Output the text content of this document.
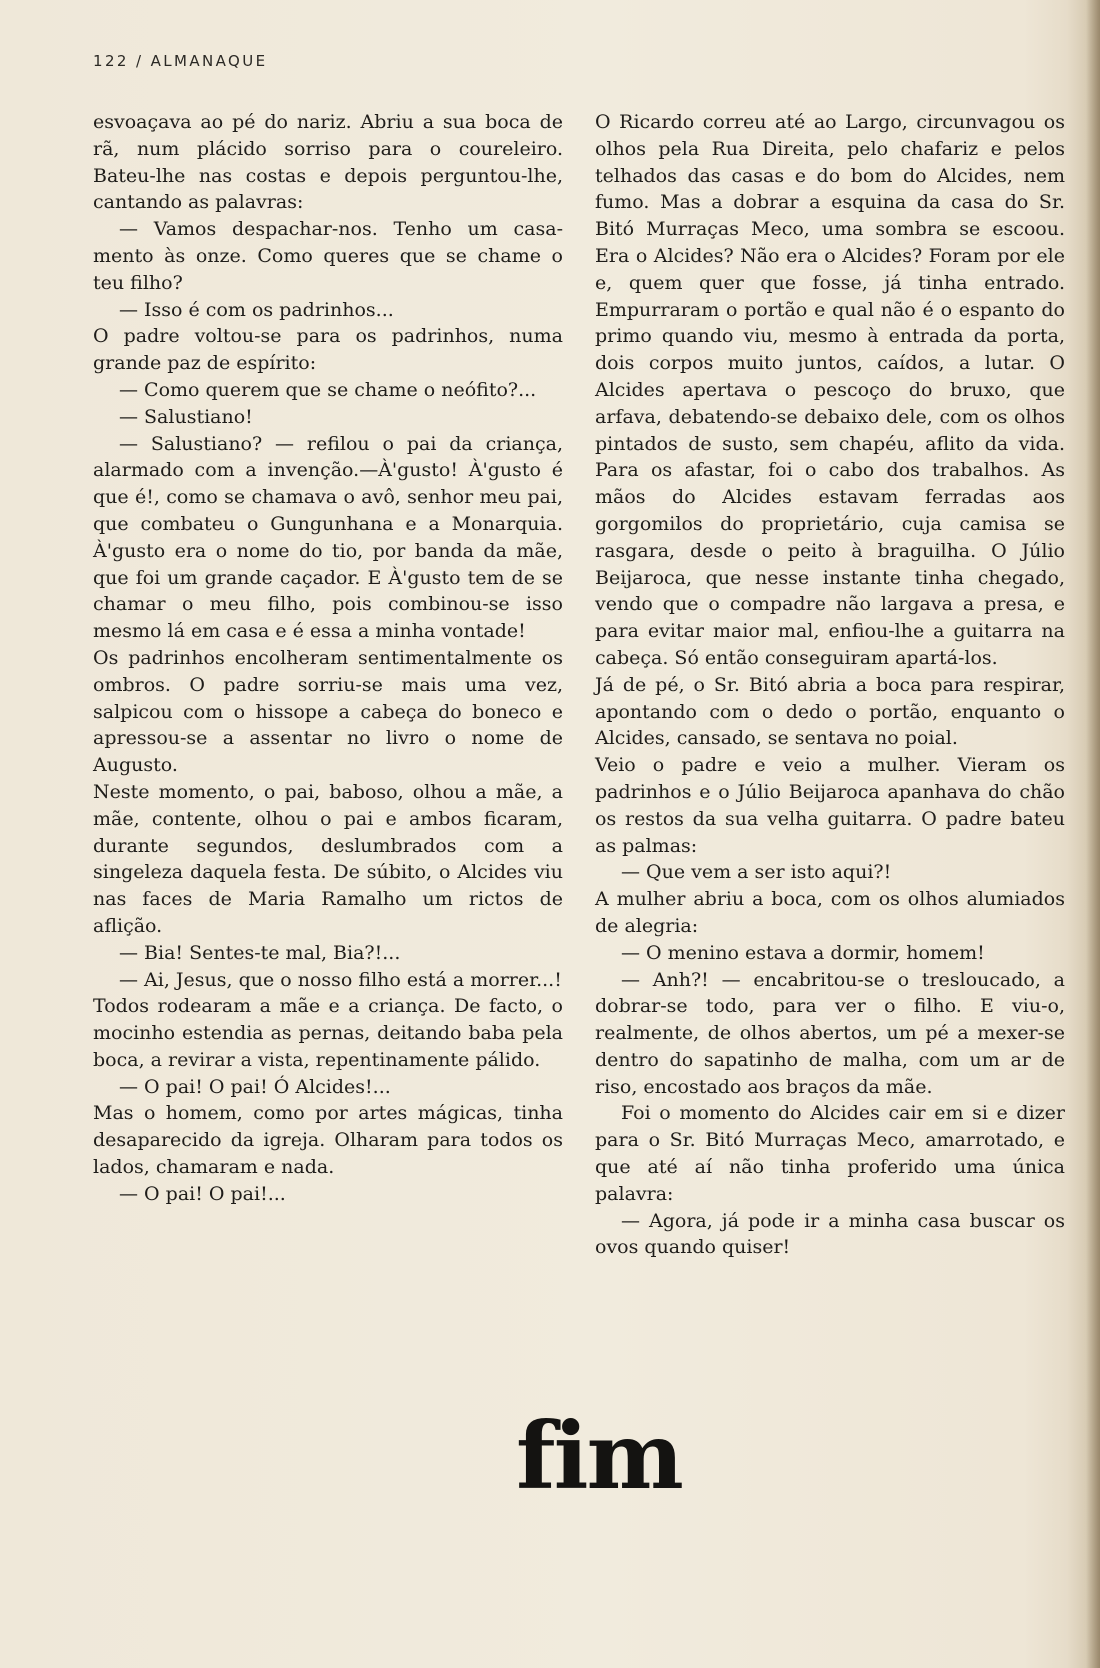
122 / ALMANAQUE

esvoaçava ao pé do nariz. Abriu a sua boca de rã, num plácido sorriso para o coureleiro. Bateu-lhe nas costas e depois perguntou-lhe, cantando as palavras:

— Vamos despachar-nos. Tenho um casamento às onze. Como queres que se chame o teu filho?

— Isso é com os padrinhos...

O padre voltou-se para os padrinhos, numa grande paz de espírito:

— Como querem que se chame o neófito?...

— Salustiano!

— Salustiano? — refilou o pai da criança, alarmado com a invenção.—À'gusto! À'gusto é que é!, como se chamava o avô, senhor meu pai, que combateu o Gungunhana e a Monarquia. À'gusto era o nome do tio, por banda da mãe, que foi um grande caçador. E À'gusto tem de se chamar o meu filho, pois combinou-se isso mesmo lá em casa e é essa a minha vontade!

Os padrinhos encolheram sentimentalmente os ombros. O padre sorriu-se mais uma vez, salpicou com o hissope a cabeça do boneco e apressou-se a assentar no livro o nome de Augusto.

Neste momento, o pai, baboso, olhou a mãe, a mãe, contente, olhou o pai e ambos ficaram, durante segundos, deslumbrados com a singeleza daquela festa. De súbito, o Alcides viu nas faces de Maria Ramalho um rictos de aflição.

— Bia! Sentes-te mal, Bia?!...

— Ai, Jesus, que o nosso filho está a morrer...!

Todos rodearam a mãe e a criança. De facto, o mocinho estendia as pernas, deitando baba pela boca, a revirar a vista, repentinamente pálido.

— O pai! O pai! Ó Alcides!...

Mas o homem, como por artes mágicas, tinha desaparecido da igreja. Olharam para todos os lados, chamaram e nada.

— O pai! O pai!...

O Ricardo correu até ao Largo, circunvagou os olhos pela Rua Direita, pelo chafariz e pelos telhados das casas e do bom do Alcides, nem fumo. Mas a dobrar a esquina da casa do Sr. Bitó Murraças Meco, uma sombra se escoou. Era o Alcides? Não era o Alcides? Foram por ele e, quem quer que fosse, já tinha entrado. Empurraram o portão e qual não é o espanto do primo quando viu, mesmo à entrada da porta, dois corpos muito juntos, caídos, a lutar. O Alcides apertava o pescoço do bruxo, que arfava, debatendo-se debaixo dele, com os olhos pintados de susto, sem chapéu, aflito da vida. Para os afastar, foi o cabo dos trabalhos. As mãos do Alcides estavam ferradas aos gorgomilos do proprietário, cuja camisa se rasgara, desde o peito à braguilha. O Júlio Beijaroca, que nesse instante tinha chegado, vendo que o compadre não largava a presa, e para evitar maior mal, enfiou-lhe a guitarra na cabeça. Só então conseguiram apartá-los.

Já de pé, o Sr. Bitó abria a boca para respirar, apontando com o dedo o portão, enquanto o Alcides, cansado, se sentava no poial.

Veio o padre e veio a mulher. Vieram os padrinhos e o Júlio Beijaroca apanhava do chão os restos da sua velha guitarra. O padre bateu as palmas:

— Que vem a ser isto aqui?!

A mulher abriu a boca, com os olhos alumiados de alegria:

— O menino estava a dormir, homem!

— Anh?! — encabritou-se o tresloucado, a dobrar-se todo, para ver o filho. E viu-o, realmente, de olhos abertos, um pé a mexer-se dentro do sapatinho de malha, com um ar de riso, encostado aos braços da mãe.

Foi o momento do Alcides cair em si e dizer para o Sr. Bitó Murraças Meco, amarrotado, e que até aí não tinha proferido uma única palavra:

— Agora, já pode ir a minha casa buscar os ovos quando quiser!

fim
